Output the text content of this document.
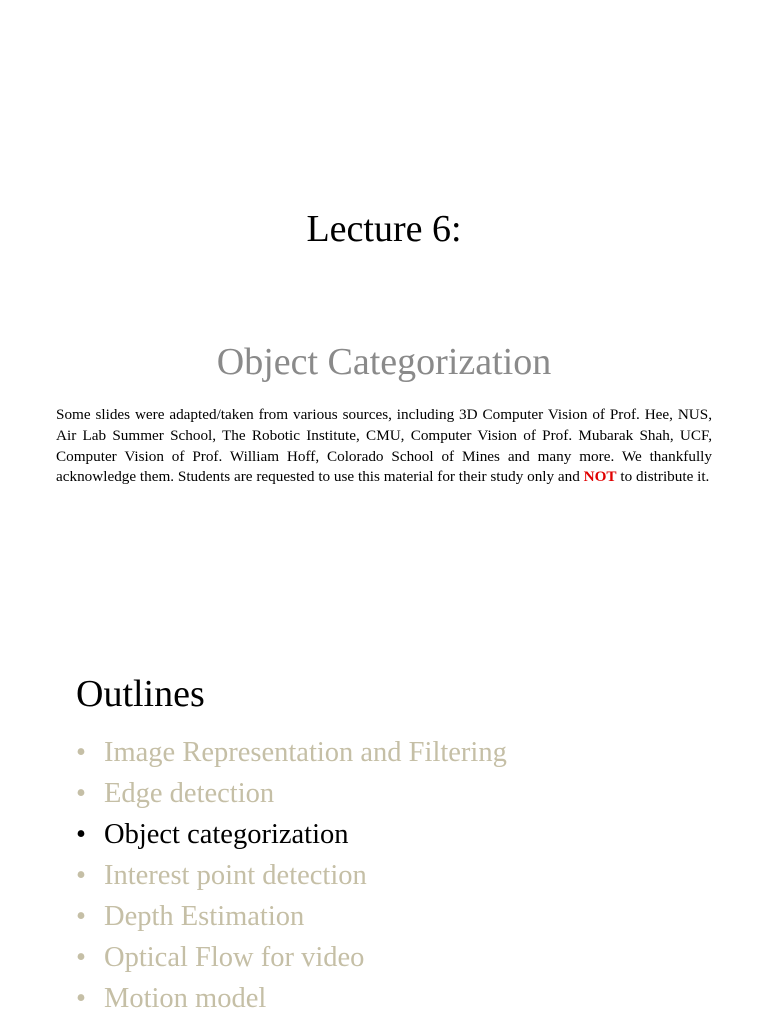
Lecture 6:
Object Categorization
Some slides were adapted/taken from various sources, including 3D Computer Vision of Prof. Hee, NUS, Air Lab Summer School, The Robotic Institute, CMU, Computer Vision of Prof. Mubarak Shah, UCF, Computer Vision of Prof. William Hoff, Colorado School of Mines and many more. We thankfully acknowledge them. Students are requested to use this material for their study only and NOT to distribute it.
Outlines
• Image Representation and Filtering
• Edge detection
• Object categorization
• Interest point detection
• Depth Estimation
• Optical Flow for video
• Motion model
